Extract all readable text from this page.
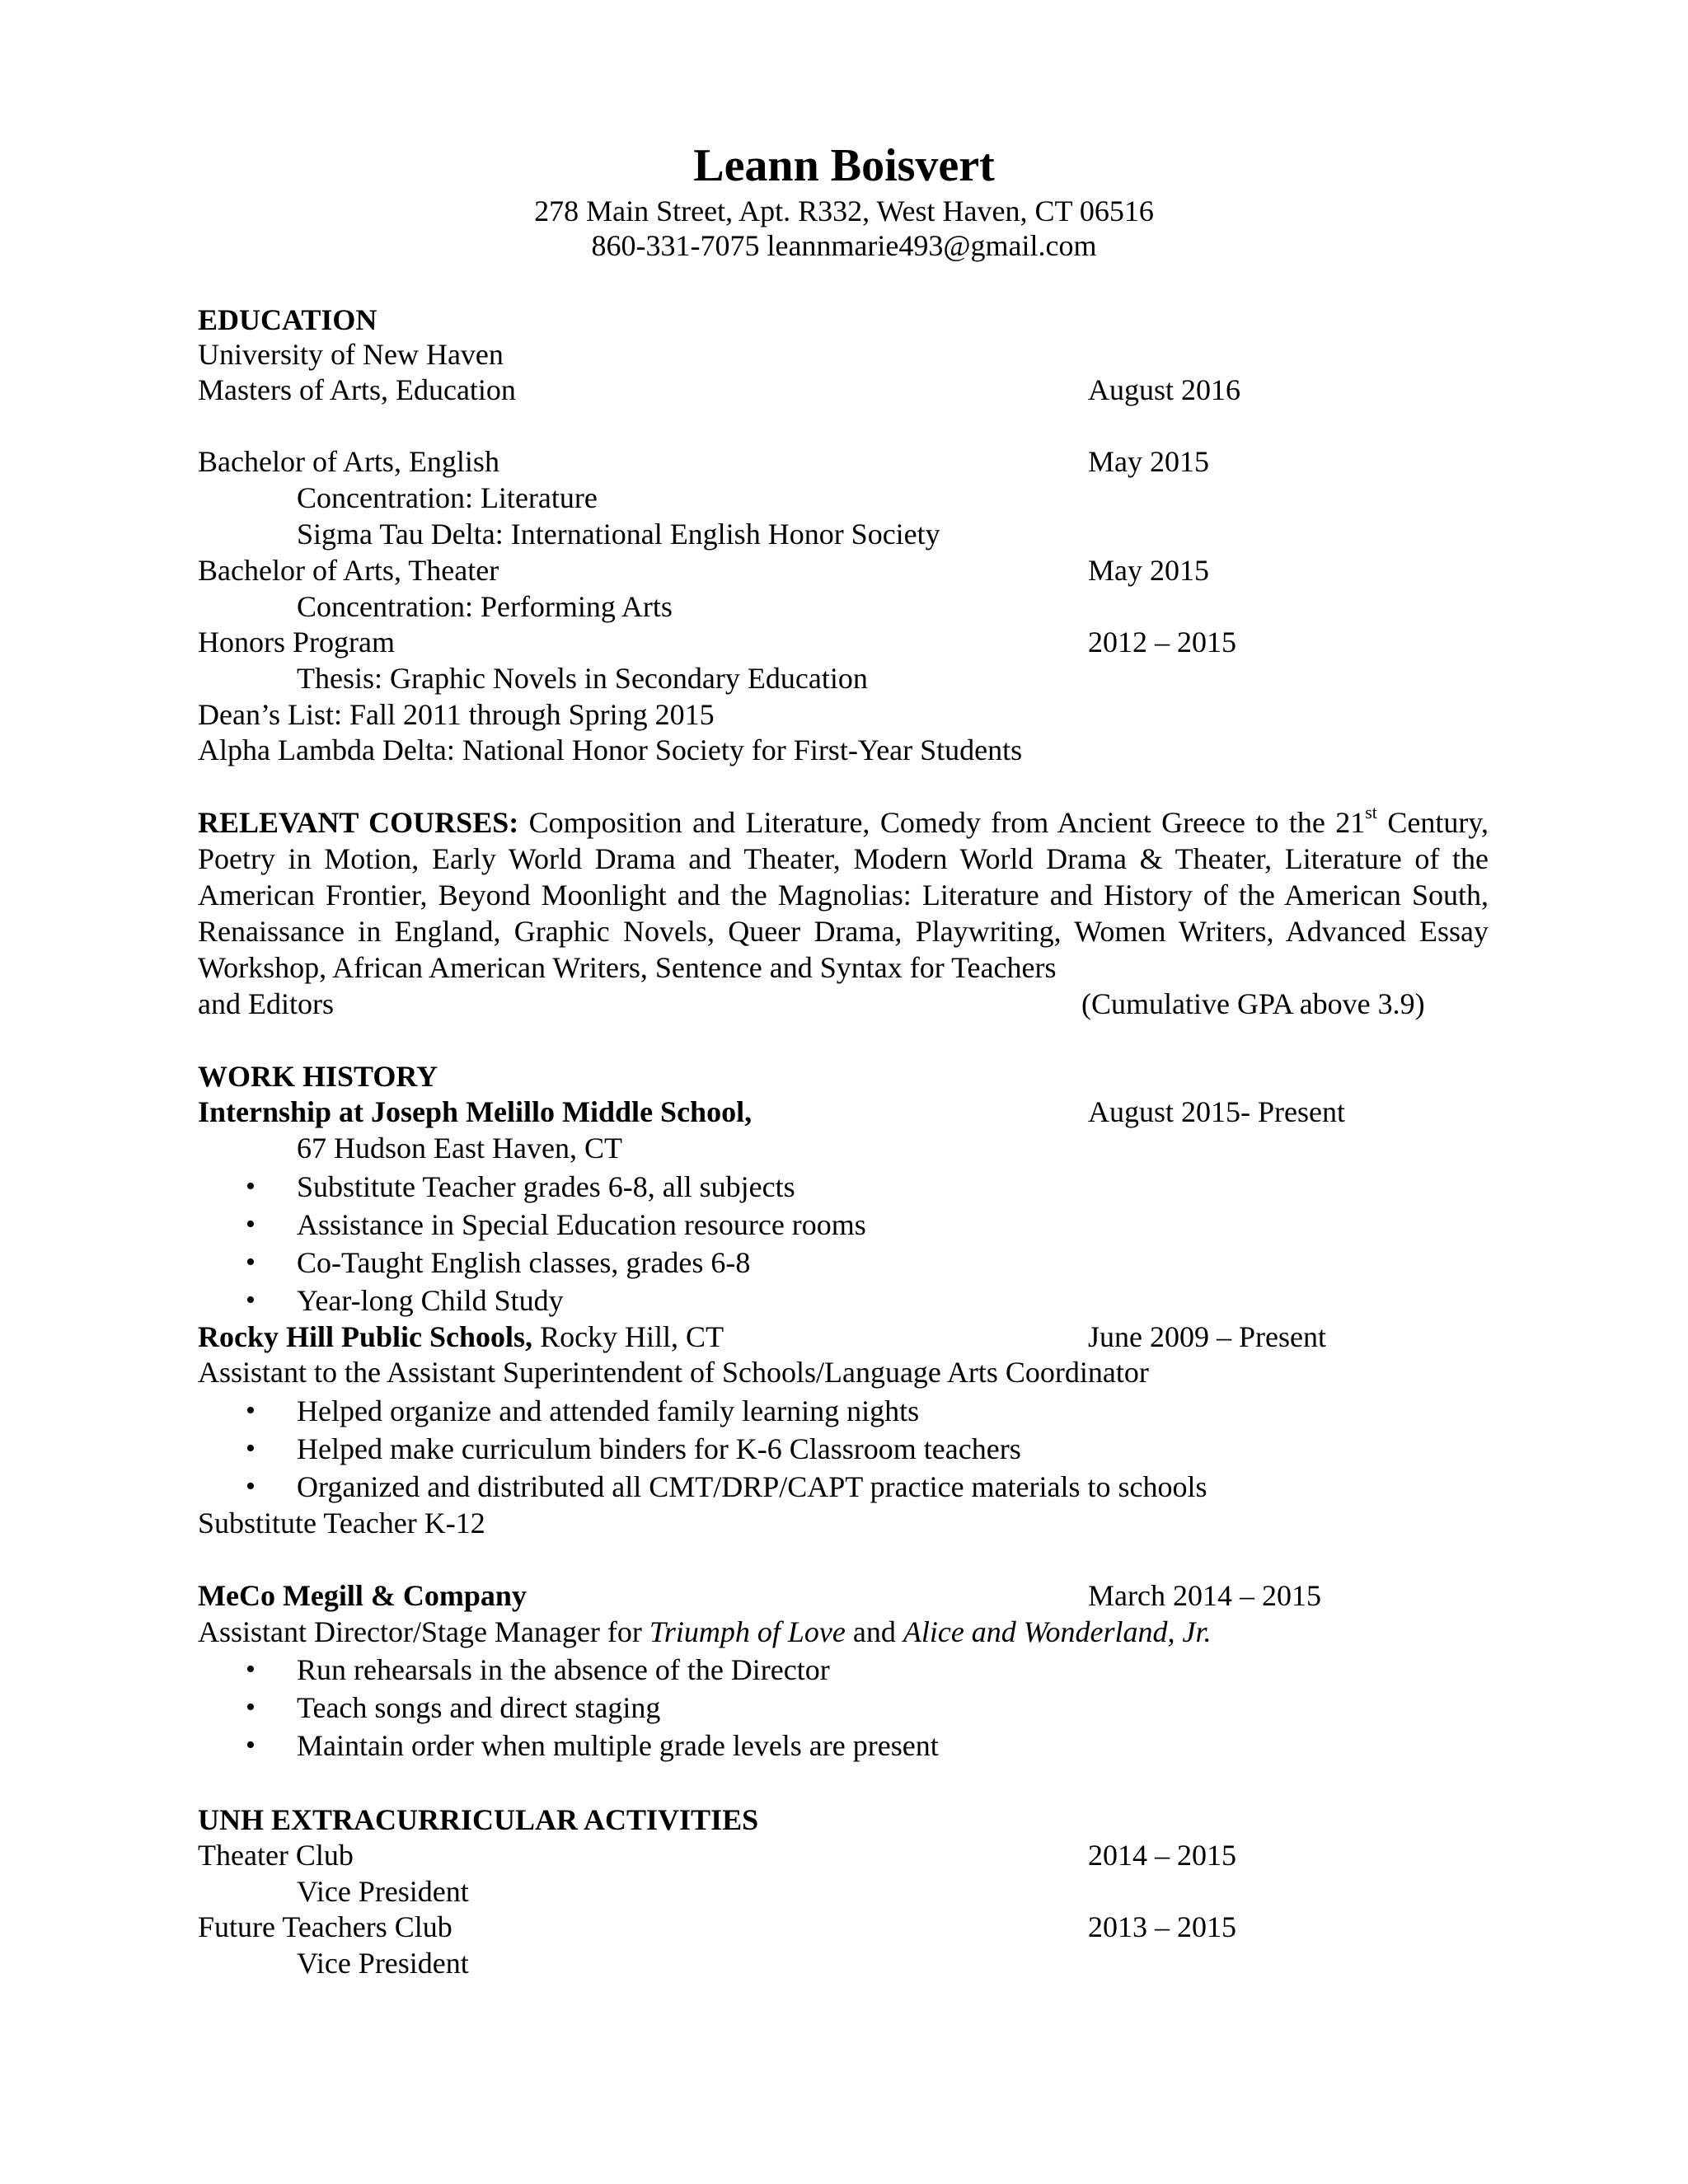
Leann Boisvert
278 Main Street, Apt. R332, West Haven, CT 06516
860-331-7075 leannmarie493@gmail.com
EDUCATION
University of New Haven
Masters of Arts, Education	August 2016
Bachelor of Arts, English	May 2015
Concentration: Literature
Sigma Tau Delta: International English Honor Society
Bachelor of Arts, Theater	May 2015
Concentration: Performing Arts
Honors Program	2012 – 2015
Thesis: Graphic Novels in Secondary Education
Dean’s List: Fall 2011 through Spring 2015
Alpha Lambda Delta: National Honor Society for First-Year Students
RELEVANT COURSES: Composition and Literature, Comedy from Ancient Greece to the 21st Century, Poetry in Motion, Early World Drama and Theater, Modern World Drama & Theater, Literature of the American Frontier, Beyond Moonlight and the Magnolias: Literature and History of the American South, Renaissance in England, Graphic Novels, Queer Drama, Playwriting, Women Writers, Advanced Essay Workshop, African American Writers, Sentence and Syntax for Teachers
and Editors	(Cumulative GPA above 3.9)
WORK HISTORY
Internship at Joseph Melillo Middle School,	August 2015- Present
67 Hudson East Haven, CT
• Substitute Teacher grades 6-8, all subjects
• Assistance in Special Education resource rooms
• Co-Taught English classes, grades 6-8
• Year-long Child Study
Rocky Hill Public Schools, Rocky Hill, CT	June 2009 – Present
Assistant to the Assistant Superintendent of Schools/Language Arts Coordinator
• Helped organize and attended family learning nights
• Helped make curriculum binders for K-6 Classroom teachers
• Organized and distributed all CMT/DRP/CAPT practice materials to schools
Substitute Teacher K-12
MeCo Megill & Company	March 2014 – 2015
Assistant Director/Stage Manager for Triumph of Love and Alice and Wonderland, Jr.
• Run rehearsals in the absence of the Director
• Teach songs and direct staging
• Maintain order when multiple grade levels are present
UNH EXTRACURRICULAR ACTIVITIES
Theater Club	2014 – 2015
Vice President
Future Teachers Club	2013 – 2015
Vice President
